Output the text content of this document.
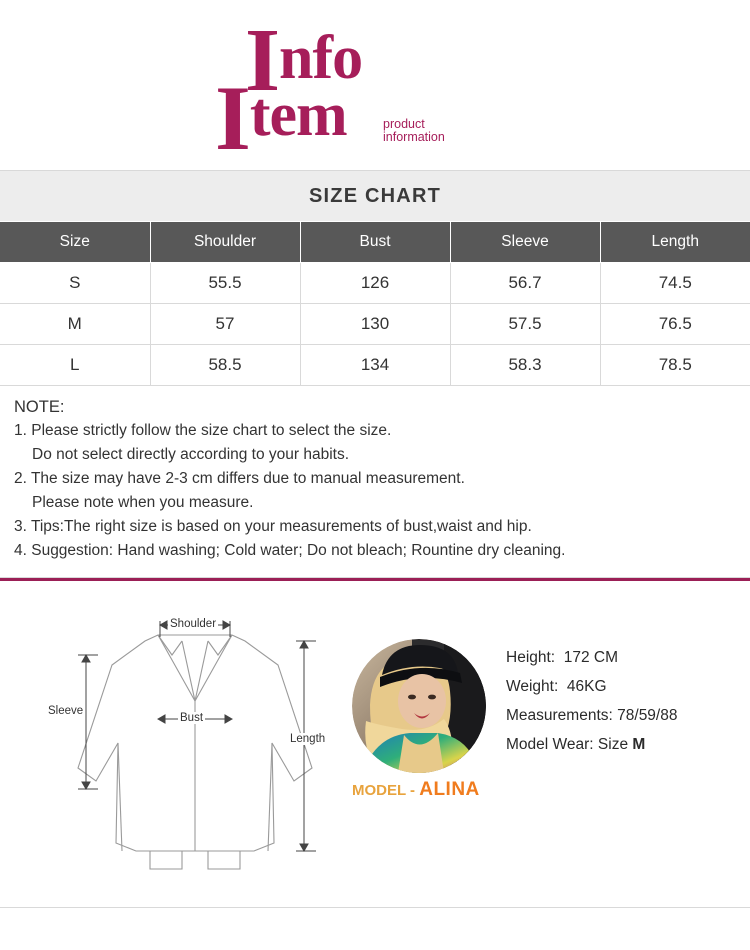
Info
Item	product
information
SIZE CHART
Size	Shoulder	Bust	Sleeve	Length
S	55.5	126	56.7	74.5
M	57	130	57.5	76.5
L	58.5	134	58.3	78.5
NOTE:
1. Please strictly follow the size chart to select the size.
Do not select directly according to your habits.
2. The size may have 2-3 cm differs due to manual measurement.
Please note when you measure.
3. Tips:The right size is based on your measurements of bust,waist and hip.
4. Suggestion: Hand washing; Cold water; Do not bleach; Rountine dry cleaning.
Shoulder
Bust
Sleeve
Length
MODEL - ALINA
Height: 172 CM
Weight: 46KG
Measurements: 78/59/88
Model Wear: Size M
